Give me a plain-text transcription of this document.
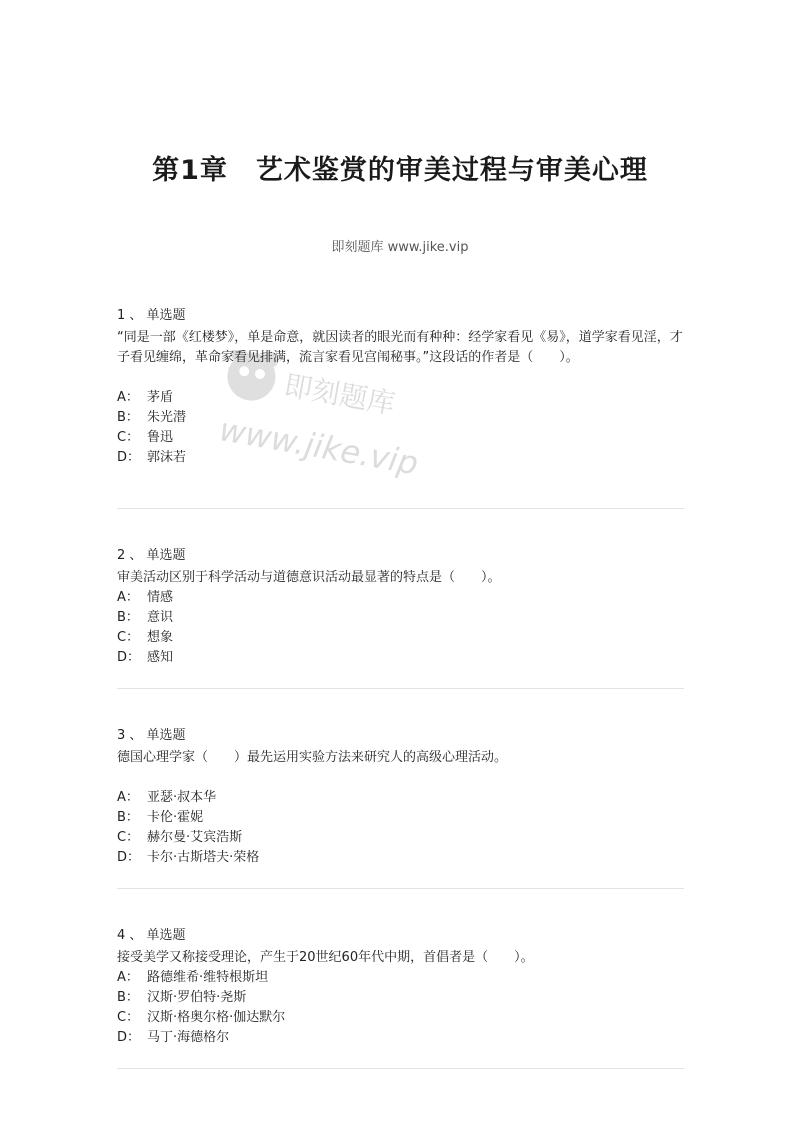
第1章　艺术鉴赏的审美过程与审美心理
即刻题库 www.jike.vip
即刻题库
www.jike.vip
1 、 单选题
“同是一部《红楼梦》，单是命意，就因读者的眼光而有种种：经学家看见《易》，道学家看见淫，才子看见缠绵，革命家看见排满，流言家看见宫闱秘事。”这段话的作者是（　　）。
A： 茅盾
B： 朱光潜
C： 鲁迅
D： 郭沫若
2 、 单选题
审美活动区别于科学活动与道德意识活动最显著的特点是（　　）。
A： 情感
B： 意识
C： 想象
D： 感知
3 、 单选题
德国心理学家（　　）最先运用实验方法来研究人的高级心理活动。
A： 亚瑟·叔本华
B： 卡伦·霍妮
C： 赫尔曼·艾宾浩斯
D： 卡尔·古斯塔夫·荣格
4 、 单选题
接受美学又称接受理论，产生于20世纪60年代中期，首倡者是（　　）。
A： 路德维希·维特根斯坦
B： 汉斯·罗伯特·尧斯
C： 汉斯·格奥尔格·伽达默尔
D： 马丁·海德格尔
